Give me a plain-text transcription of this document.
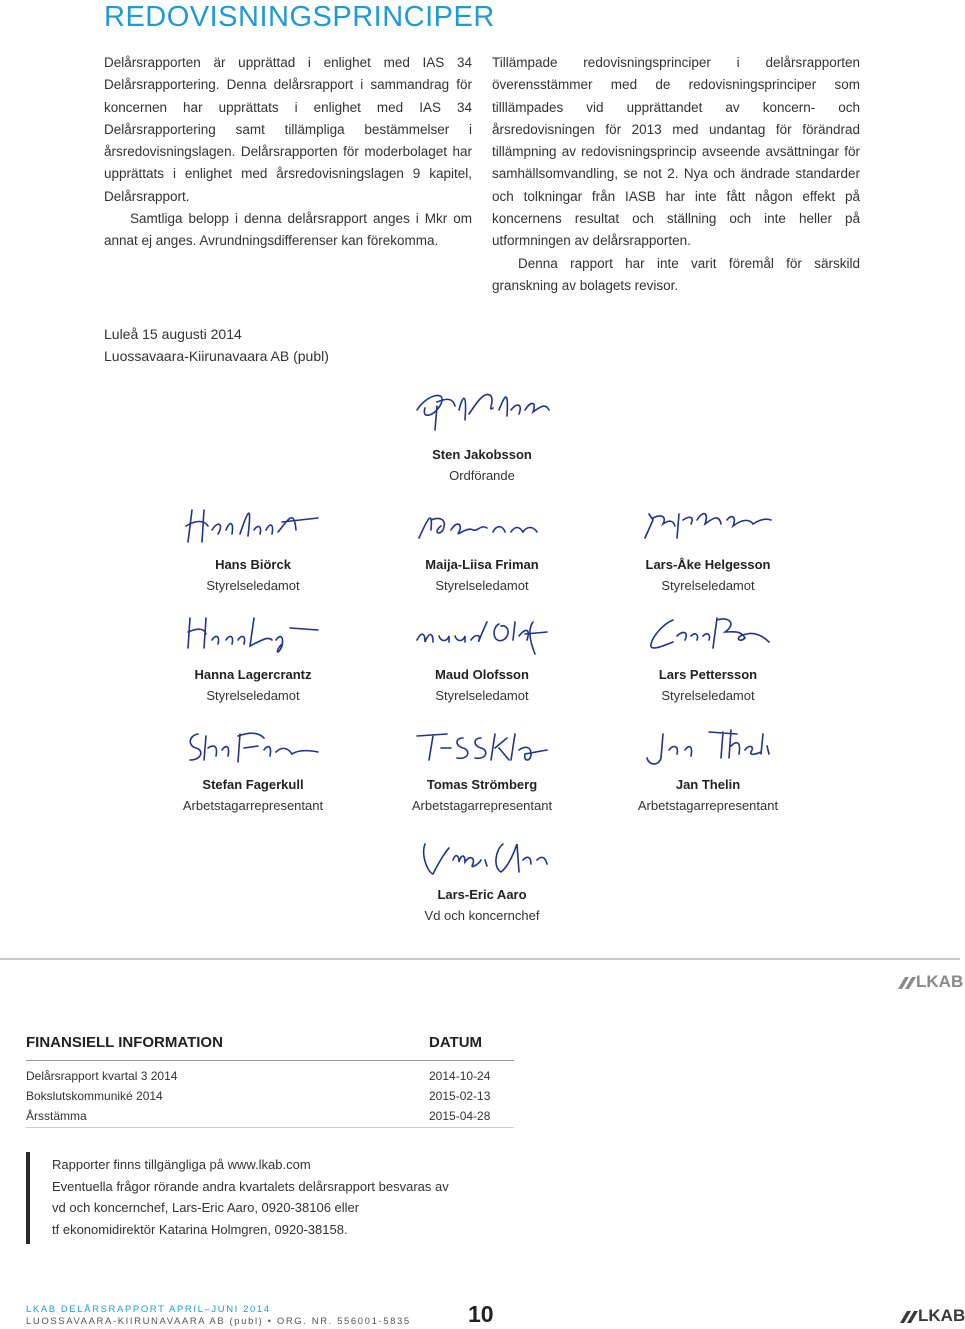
REDOVISNINGSPRINCIPER

Delårsrapporten är upprättad i enlighet med IAS 34 Delårsrapportering. Denna delårsrapport i sammandrag för koncernen har upprättats i enlighet med IAS 34 Delårsrapportering samt tillämpliga bestämmelser i årsredovisningslagen. Delårsrapporten för moderbolaget har upprättats i enlighet med årsredovisningslagen 9 kapitel, Delårsrapport.

Samtliga belopp i denna delårsrapport anges i Mkr om annat ej anges. Avrundningsdifferenser kan förekomma.

Tillämpade redovisningsprinciper i delårsrapporten överensstämmer med de redovisningsprinciper som tilllämpades vid upprättandet av koncern- och årsredovisningen för 2013 med undantag för förändrad tillämpning av redovisningsprincip avseende avsättningar för samhällsomvandling, se not 2. Nya och ändrade standarder och tolkningar från IASB har inte fått någon effekt på koncernens resultat och ställning och inte heller på utformningen av delårsrapporten.

Denna rapport har inte varit föremål för särskild granskning av bolagets revisor.

Luleå 15 augusti 2014
Luossavaara-Kiirunavaara AB (publ)
Sten Jakobsson
Ordförande
Hans Biörck
Styrelseledamot
Maija-Liisa Friman
Styrelseledamot
Lars-Åke Helgesson
Styrelseledamot
Hanna Lagercrantz
Styrelseledamot
Maud Olofsson
Styrelseledamot
Lars Pettersson
Styrelseledamot
Stefan Fagerkull
Arbetstagarrepresentant
Tomas Strömberg
Arbetstagarrepresentant
Jan Thelin
Arbetstagarrepresentant
Lars-Eric Aaro
Vd och koncernchef
LKAB
FINANSIELL INFORMATION	DATUM
Delårsrapport kvartal 3 2014	2014-10-24
Bokslutskommuniké 2014	2015-02-13
Årsstämma	2015-04-28
Rapporter finns tillgängliga på www.lkab.com
Eventuella frågor rörande andra kvartalets delårsrapport besvaras av
vd och koncernchef, Lars-Eric Aaro, 0920-38106 eller
tf ekonomidirektör Katarina Holmgren, 0920-38158.
LKAB DELÅRSRAPPORT APRIL–JUNI 2014
LUOSSAVAARA-KIIRUNAVAARA AB (publ) • ORG. NR. 556001-5835 10	LKAB
